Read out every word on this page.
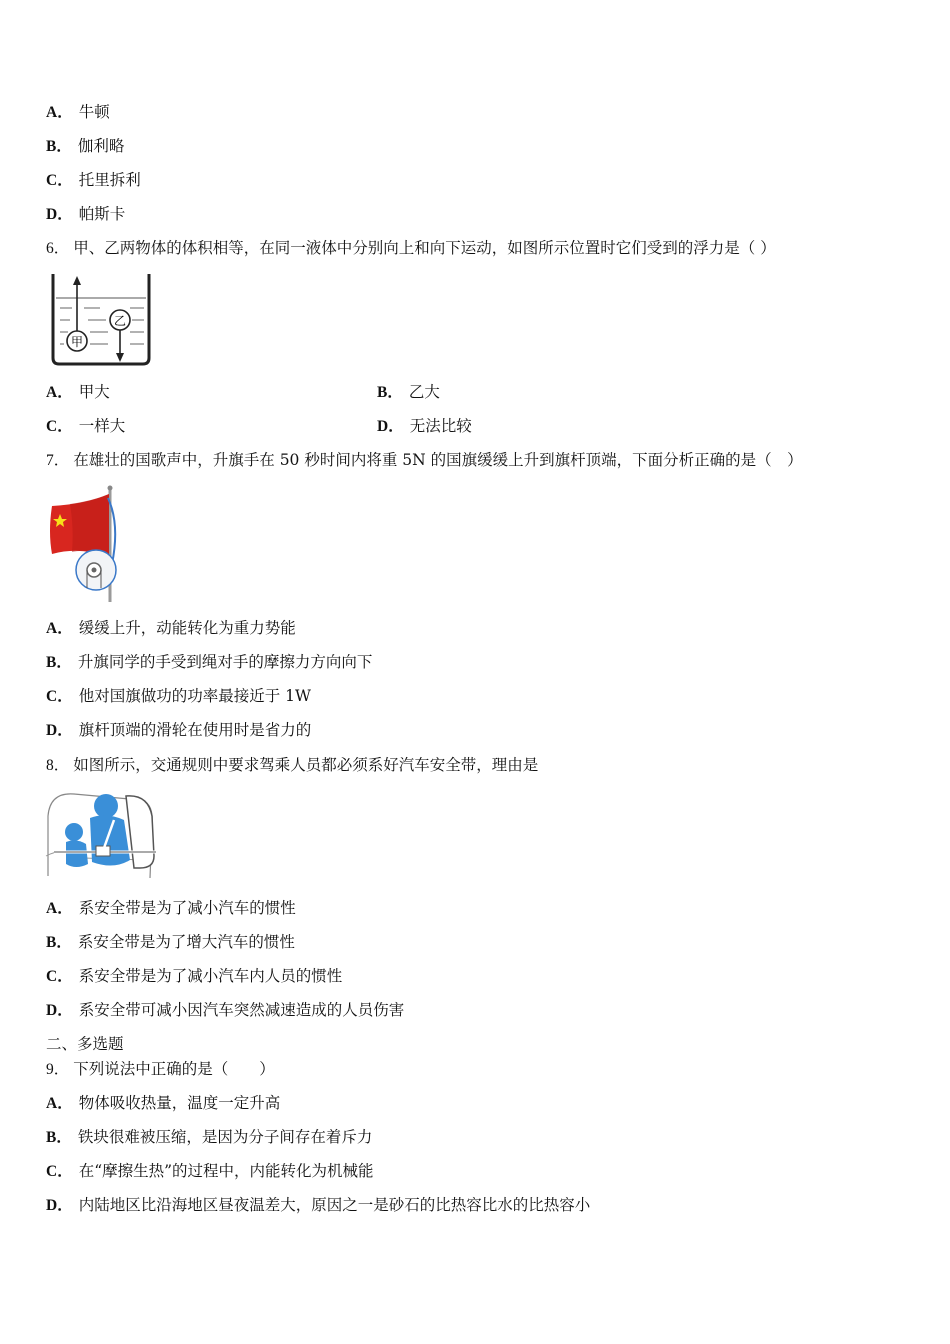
A． 牛顿
B． 伽利略
C． 托里拆利
D． 帕斯卡
6． 甲、乙两物体的体积相等，在同一液体中分别向上和向下运动，如图所示位置时它们受到的浮力是（ ）
甲
乙
A． 甲大	B． 乙大
C． 一样大	D． 无法比较
7． 在雄壮的国歌声中，升旗手在 50 秒时间内将重 5N 的国旗缓缓上升到旗杆顶端，下面分析正确的是（　）
A． 缓缓上升，动能转化为重力势能
B． 升旗同学的手受到绳对手的摩擦力方向向下
C． 他对国旗做功的功率最接近于 1W
D． 旗杆顶端的滑轮在使用时是省力的
8． 如图所示，交通规则中要求驾乘人员都必须系好汽车安全带，理由是
A． 系安全带是为了减小汽车的惯性
B． 系安全带是为了增大汽车的惯性
C． 系安全带是为了减小汽车内人员的惯性
D． 系安全带可减小因汽车突然减速造成的人员伤害
二、多选题
9． 下列说法中正确的是（　　）
A． 物体吸收热量，温度一定升高
B． 铁块很难被压缩，是因为分子间存在着斥力
C． 在“摩擦生热”的过程中，内能转化为机械能
D． 内陆地区比沿海地区昼夜温差大，原因之一是砂石的比热容比水的比热容小
